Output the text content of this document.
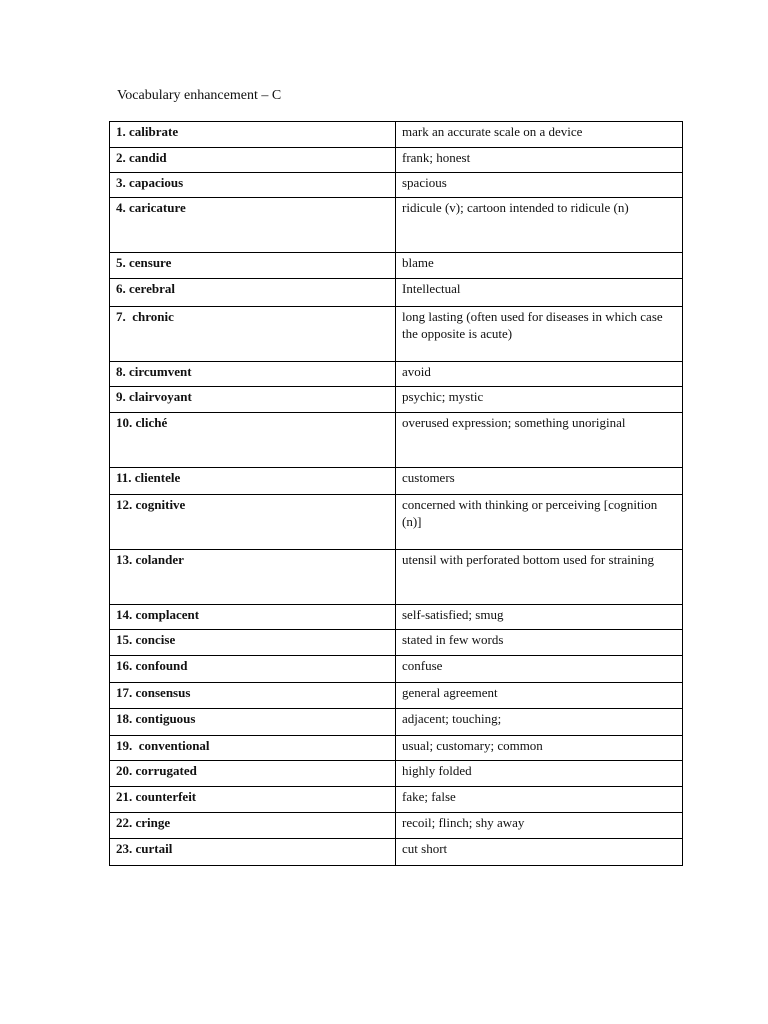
Vocabulary enhancement – C
1. calibrate	mark an accurate scale on a device
2. candid	frank; honest
3. capacious	spacious
4. caricature	ridicule (v); cartoon intended to ridicule (n)
5. censure	blame
6. cerebral	Intellectual
7.  chronic	long lasting (often used for diseases in which case the opposite is acute)
8. circumvent	avoid
9. clairvoyant	psychic; mystic
10. cliché	overused expression; something unoriginal
11. clientele	customers
12. cognitive	concerned with thinking or perceiving [cognition (n)]
13. colander	utensil with perforated bottom used for straining
14. complacent	self-satisfied; smug
15. concise	stated in few words
16. confound	confuse
17. consensus	general agreement
18. contiguous	adjacent; touching;
19.  conventional	usual; customary; common
20. corrugated	highly folded
21. counterfeit	fake; false
22. cringe	recoil; flinch; shy away
23. curtail	cut short
